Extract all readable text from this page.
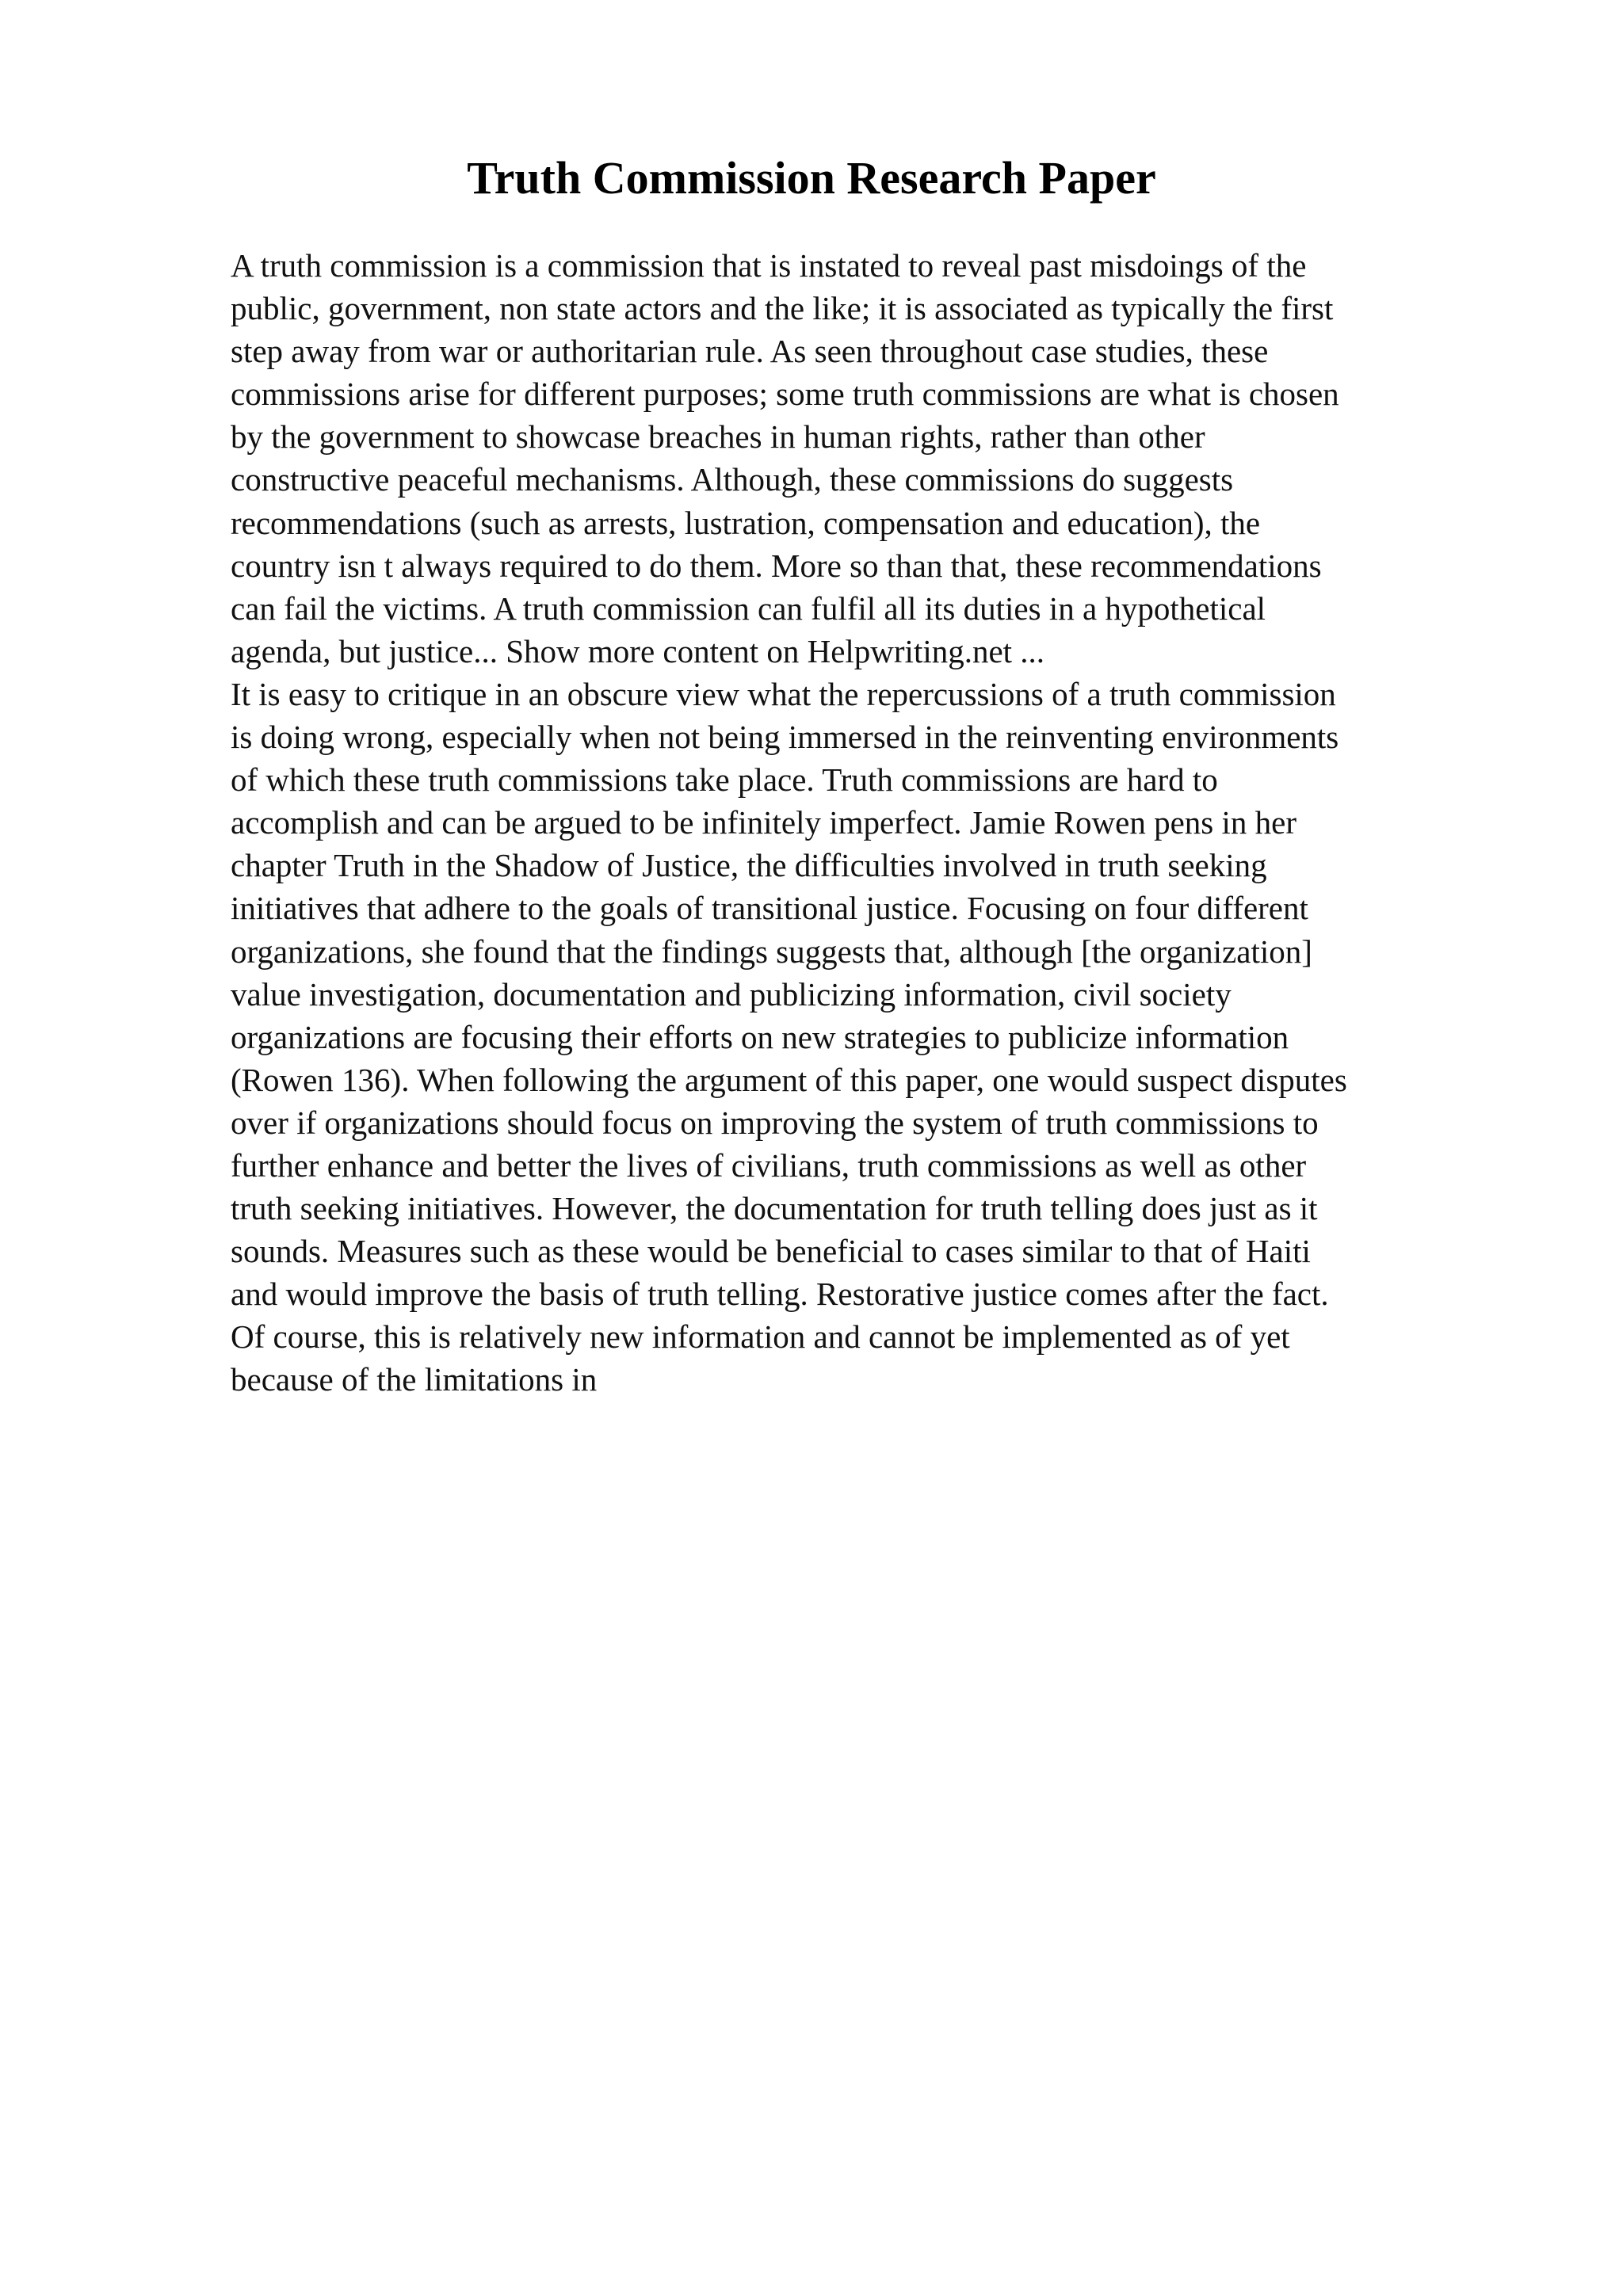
Truth Commission Research Paper
A truth commission is a commission that is instated to reveal past misdoings of the
public, government, non state actors and the like; it is associated as typically the first
step away from war or authoritarian rule. As seen throughout case studies, these
commissions arise for different purposes; some truth commissions are what is chosen
by the government to showcase breaches in human rights, rather than other
constructive peaceful mechanisms. Although, these commissions do suggests
recommendations (such as arrests, lustration, compensation and education), the
country isn t always required to do them. More so than that, these recommendations
can fail the victims. A truth commission can fulfil all its duties in a hypothetical
agenda, but justice... Show more content on Helpwriting.net ...
It is easy to critique in an obscure view what the repercussions of a truth commission
is doing wrong, especially when not being immersed in the reinventing environments
of which these truth commissions take place. Truth commissions are hard to
accomplish and can be argued to be infinitely imperfect. Jamie Rowen pens in her
chapter Truth in the Shadow of Justice, the difficulties involved in truth seeking
initiatives that adhere to the goals of transitional justice. Focusing on four different
organizations, she found that the findings suggests that, although [the organization]
value investigation, documentation and publicizing information, civil society
organizations are focusing their efforts on new strategies to publicize information
(Rowen 136). When following the argument of this paper, one would suspect disputes
over if organizations should focus on improving the system of truth commissions to
further enhance and better the lives of civilians, truth commissions as well as other
truth seeking initiatives. However, the documentation for truth telling does just as it
sounds. Measures such as these would be beneficial to cases similar to that of Haiti
and would improve the basis of truth telling. Restorative justice comes after the fact.
Of course, this is relatively new information and cannot be implemented as of yet
because of the limitations in
